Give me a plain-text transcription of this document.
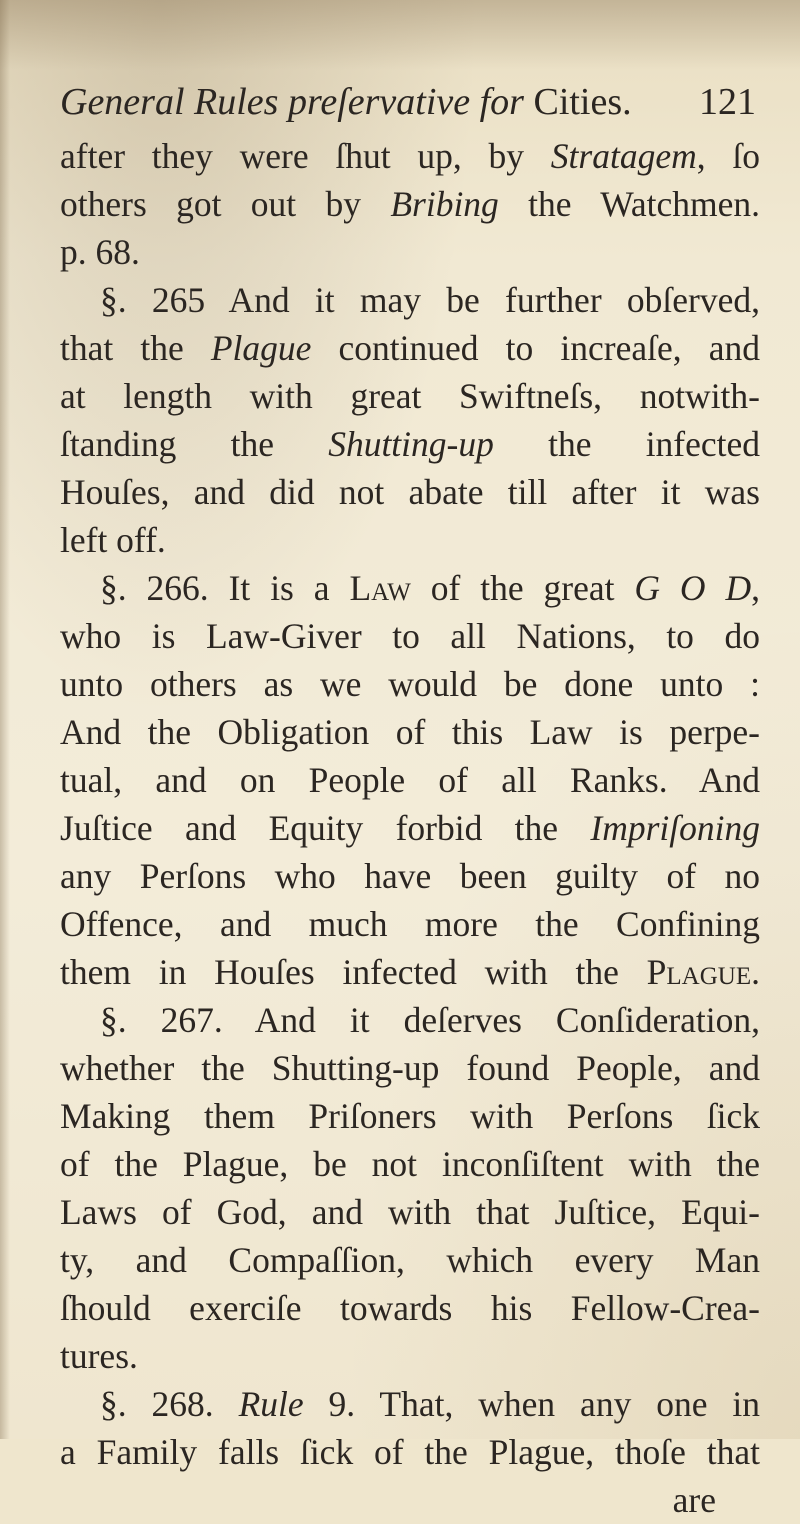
General Rules preſervative for Cities.	121
after they were ſhut up, by Stratagem, ſo
others got out by Bribing the Watchmen.
p. 68.
§. 265 And it may be further obſerved,
that the Plague continued to increaſe, and
at length with great Swiftneſs, notwith-
ſtanding the Shutting-up the infected
Houſes, and did not abate till after it was
left off.
§. 266. It is a Law of the great G O D,
who is Law-Giver to all Nations, to do
unto others as we would be done unto :
And the Obligation of this Law is perpe-
tual, and on People of all Ranks. And
Juſtice and Equity forbid the Impriſoning
any Perſons who have been guilty of no
Offence, and much more the Confining
them in Houſes infected with the Plague.
§. 267. And it deſerves Conſideration,
whether the Shutting-up found People, and
Making them Priſoners with Perſons ſick
of the Plague, be not inconſiſtent with the
Laws of God, and with that Juſtice, Equi-
ty, and Compaſſion, which every Man
ſhould exerciſe towards his Fellow-Crea-
tures.
§. 268. Rule 9. That, when any one in
a Family falls ſick of the Plague, thoſe that
are
